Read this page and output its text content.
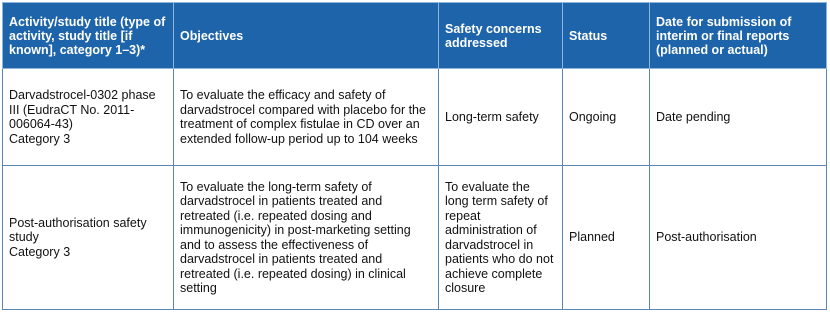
Activity/study title (type of activity, study title [if known], category 1–3)*	Objectives	Safety concerns addressed	Status	Date for submission of interim or final reports (planned or actual)

Darvadstrocel-0302 phase III (EudraCT No. 2011-006064-43)
Category 3	To evaluate the efficacy and safety of darvadstrocel compared with placebo for the treatment of complex fistulae in CD over an extended follow-up period up to 104 weeks	Long-term safety	Ongoing	Date pending

Post-authorisation safety study
Category 3	To evaluate the long-term safety of darvadstrocel in patients treated and retreated (i.e. repeated dosing and immunogenicity) in post-marketing setting and to assess the effectiveness of darvadstrocel in patients treated and retreated (i.e. repeated dosing) in clinical setting	To evaluate the long term safety of repeat administration of darvadstrocel in patients who do not achieve complete closure	Planned	Post-authorisation
